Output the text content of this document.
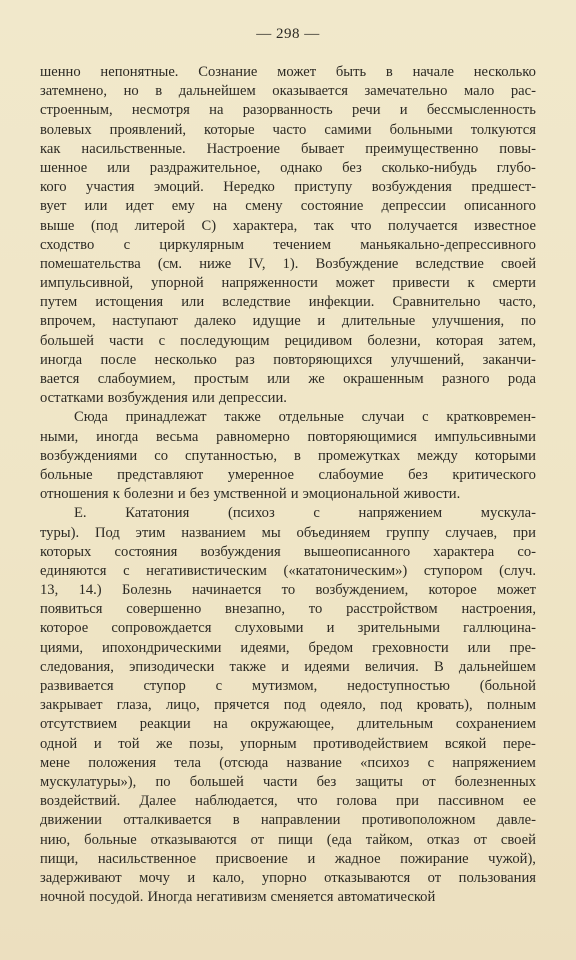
— 298 —
шенно непонятные. Сознание может быть в начале несколько
затемнено, но в дальнейшем оказывается замечательно мало рас-
строенным, несмотря на разорванность речи и бессмысленность
волевых проявлений, которые часто самими больными толкуются
как насильственные. Настроение бывает преимущественно повы-
шенное или раздражительное, однако без сколько-нибудь глубо-
кого участия эмоций. Нередко приступу возбуждения предшест-
вует или идет ему на смену состояние депрессии описанного
выше (под литерой С) характера, так что получается известное
сходство с циркулярным течением маньякально-депрессивного
помешательства (см. ниже IV, 1). Возбуждение вследствие своей
импульсивной, упорной напряженности может привести к смерти
путем истощения или вследствие инфекции. Сравнительно часто,
впрочем, наступают далеко идущие и длительные улучшения, по
большей части с последующим рецидивом болезни, которая затем,
иногда после несколько раз повторяющихся улучшений, заканчи-
вается слабоумием, простым или же окрашенным разного рода
остатками возбуждения или депрессии.
Сюда принадлежат также отдельные случаи с кратковремен-
ными, иногда весьма равномерно повторяющимися импульсивными
возбуждениями со спутанностью, в промежутках между которыми
больные представляют умеренное слабоумие без критического
отношения к болезни и без умственной и эмоциональной живости.
Е.	Кататония	(психоз	с	напряжением	мускула-
туры). Под этим названием мы объединяем группу случаев, при
которых состояния возбуждения вышеописанного характера со-
единяются с негативистическим («кататоническим») ступором (случ.
13, 14.) Болезнь начинается то возбуждением, которое может
появиться совершенно внезапно, то расстройством настроения,
которое сопровождается слуховыми и зрительными галлюцина-
циями, ипохондрическими идеями, бредом греховности или пре-
следования, эпизодически также и идеями величия. В дальнейшем
развивается ступор с мутизмом, недоступностью (больной
закрывает глаза, лицо, прячется под одеяло, под кровать), полным
отсутствием реакции на окружающее, длительным сохранением
одной и той же позы, упорным противодействием всякой пере-
мене положения тела (отсюда название «психоз с напряжением
мускулатуры»), по большей части без защиты от болезненных
воздействий. Далее наблюдается, что голова при пассивном ее
движении отталкивается в направлении противоположном давле-
нию, больные отказываются от пищи (еда тайком, отказ от своей
пищи, насильственное присвоение и жадное пожирание чужой),
задерживают мочу и кало, упорно отказываются от пользования
ночной посудой. Иногда негативизм сменяется автоматической
